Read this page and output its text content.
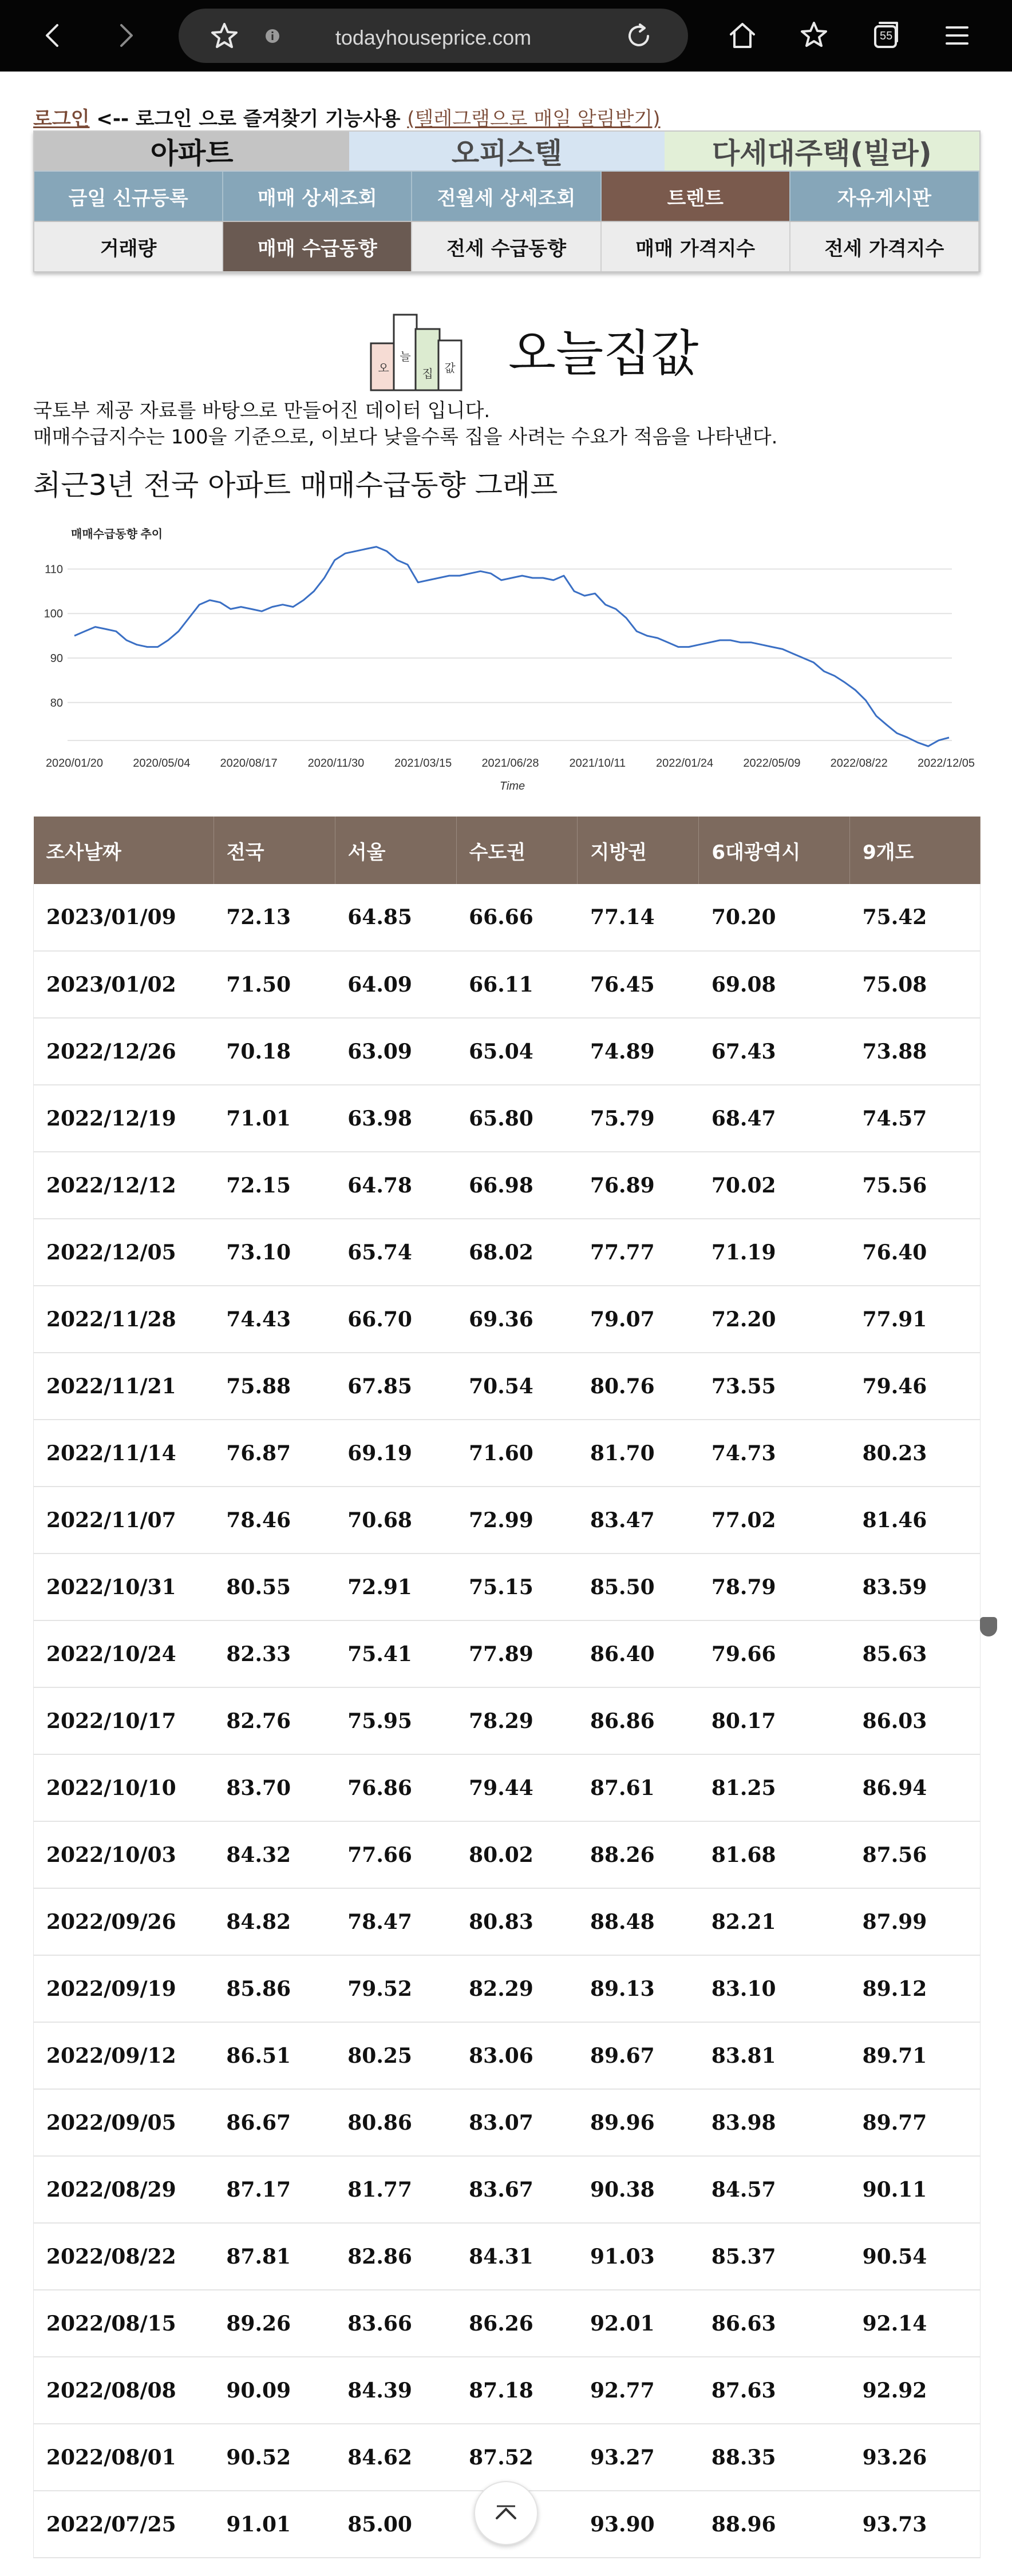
todayhouseprice.com	55
로그인 <-- 로그인 으로 즐겨찾기 기능사용 (텔레그램으로 매일 알림받기)
아파트	오피스텔	다세대주택(빌라)
금일 신규등록	매매 상세조회	전월세 상세조회	트렌트	자유게시판
거래량	매매 수급동향	전세 수급동향	매매 가격지수	전세 가격지수
오
늘
집 값 오늘집값
국토부 제공 자료를 바탕으로 만들어진 데이터 입니다.
매매수급지수는 100을 기준으로, 이보다 낮을수록 집을 사려는 수요가 적음을 나타낸다.
최근3년 전국 아파트 매매수급동향 그래프
매매수급동향 추이
80
90
100
110
2020/01/20	2020/05/04	2020/08/17	2020/11/30	2021/03/15	2021/06/28	2021/10/11	2022/01/24	2022/05/09	2022/08/22	2022/12/05
Time
조사날짜	전국	서울	수도권	지방권	6대광역시	9개도
2023/01/09	72.13	64.85	66.66	77.14	70.20	75.42
2023/01/02	71.50	64.09	66.11	76.45	69.08	75.08
2022/12/26	70.18	63.09	65.04	74.89	67.43	73.88
2022/12/19	71.01	63.98	65.80	75.79	68.47	74.57
2022/12/12	72.15	64.78	66.98	76.89	70.02	75.56
2022/12/05	73.10	65.74	68.02	77.77	71.19	76.40
2022/11/28	74.43	66.70	69.36	79.07	72.20	77.91
2022/11/21	75.88	67.85	70.54	80.76	73.55	79.46
2022/11/14	76.87	69.19	71.60	81.70	74.73	80.23
2022/11/07	78.46	70.68	72.99	83.47	77.02	81.46
2022/10/31	80.55	72.91	75.15	85.50	78.79	83.59
2022/10/24	82.33	75.41	77.89	86.40	79.66	85.63
2022/10/17	82.76	75.95	78.29	86.86	80.17	86.03
2022/10/10	83.70	76.86	79.44	87.61	81.25	86.94
2022/10/03	84.32	77.66	80.02	88.26	81.68	87.56
2022/09/26	84.82	78.47	80.83	88.48	82.21	87.99
2022/09/19	85.86	79.52	82.29	89.13	83.10	89.12
2022/09/12	86.51	80.25	83.06	89.67	83.81	89.71
2022/09/05	86.67	80.86	83.07	89.96	83.98	89.77
2022/08/29	87.17	81.77	83.67	90.38	84.57	90.11
2022/08/22	87.81	82.86	84.31	91.03	85.37	90.54
2022/08/15	89.26	83.66	86.26	92.01	86.63	92.14
2022/08/08	90.09	84.39	87.18	92.77	87.63	92.92
2022/08/01	90.52	84.62	87.52	93.27	88.35	93.26
2022/07/25	91.01	85.00		93.90	88.96	93.73
